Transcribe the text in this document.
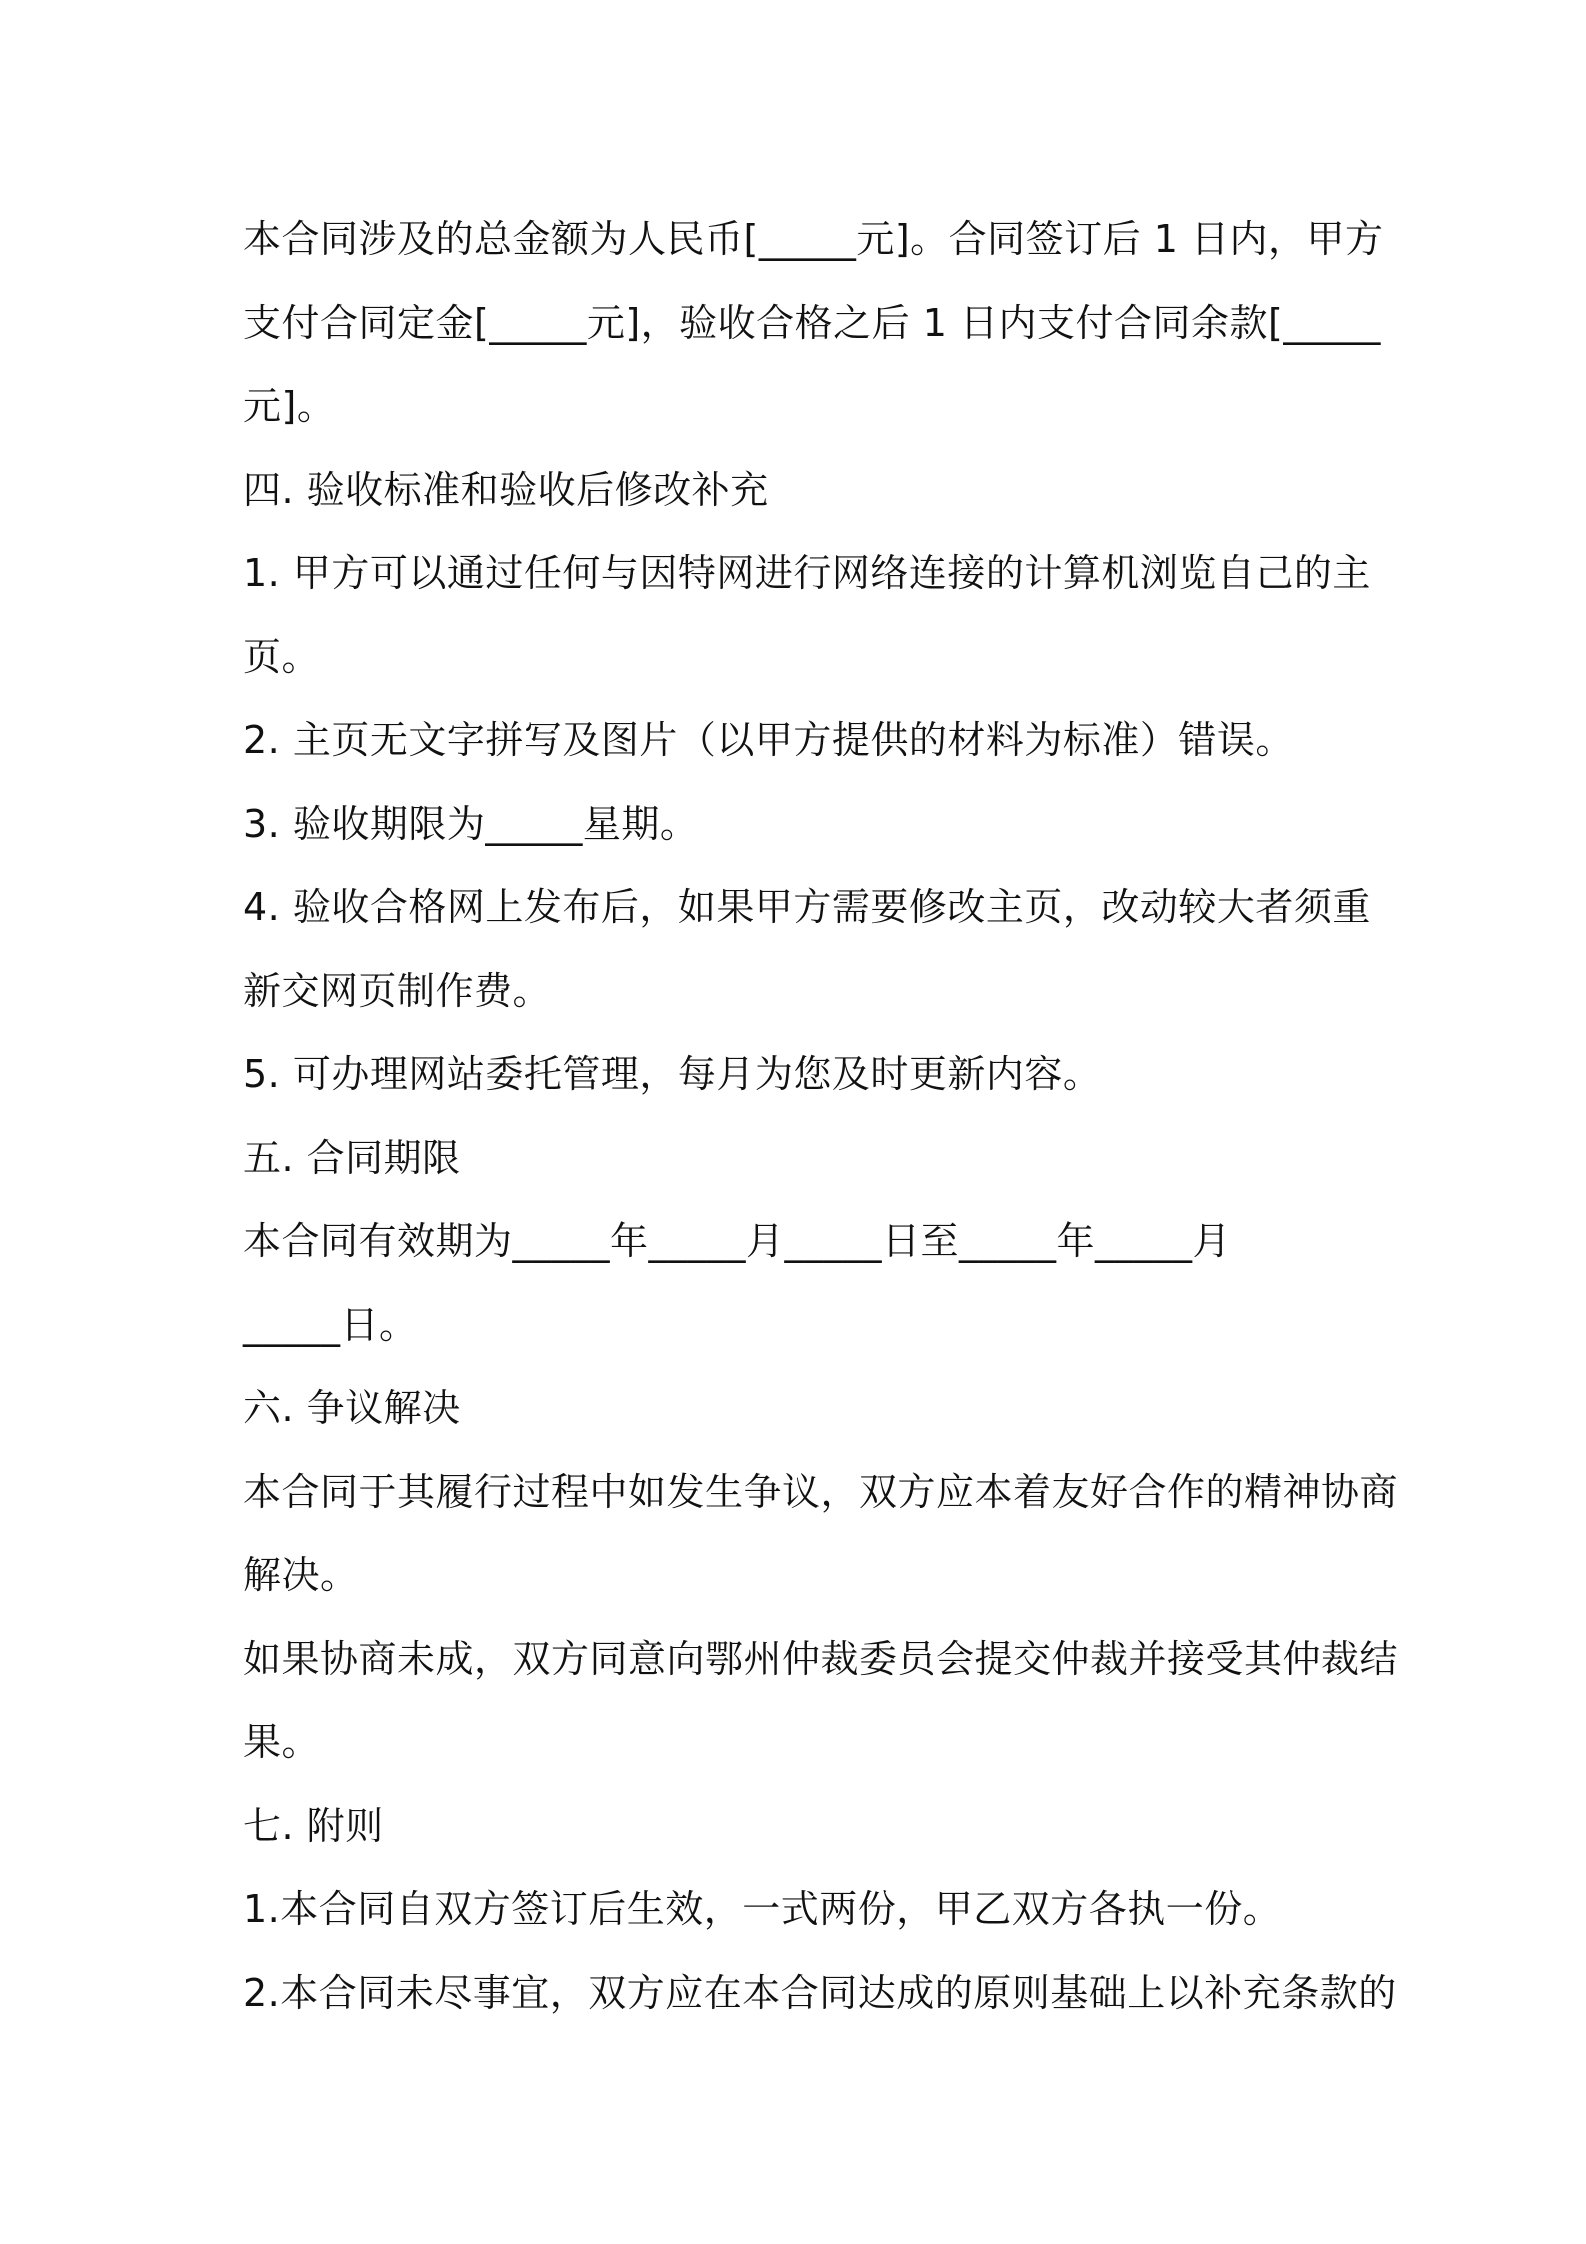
本合同涉及的总金额为人民币[_____元]。合同签订后 1 日内，甲方
支付合同定金[_____元]，验收合格之后 1 日内支付合同余款[_____
元]。
四. 验收标准和验收后修改补充
1. 甲方可以通过任何与因特网进行网络连接的计算机浏览自己的主
页。
2. 主页无文字拼写及图片（以甲方提供的材料为标准）错误。
3. 验收期限为_____星期。
4. 验收合格网上发布后，如果甲方需要修改主页，改动较大者须重
新交网页制作费。
5. 可办理网站委托管理，每月为您及时更新内容。
五. 合同期限
本合同有效期为_____年_____月_____日至_____年_____月
_____日。
六. 争议解决
本合同于其履行过程中如发生争议，双方应本着友好合作的精神协商
解决。
如果协商未成，双方同意向鄂州仲裁委员会提交仲裁并接受其仲裁结
果。
七. 附则
1.本合同自双方签订后生效，一式两份，甲乙双方各执一份。
2.本合同未尽事宜，双方应在本合同达成的原则基础上以补充条款的
